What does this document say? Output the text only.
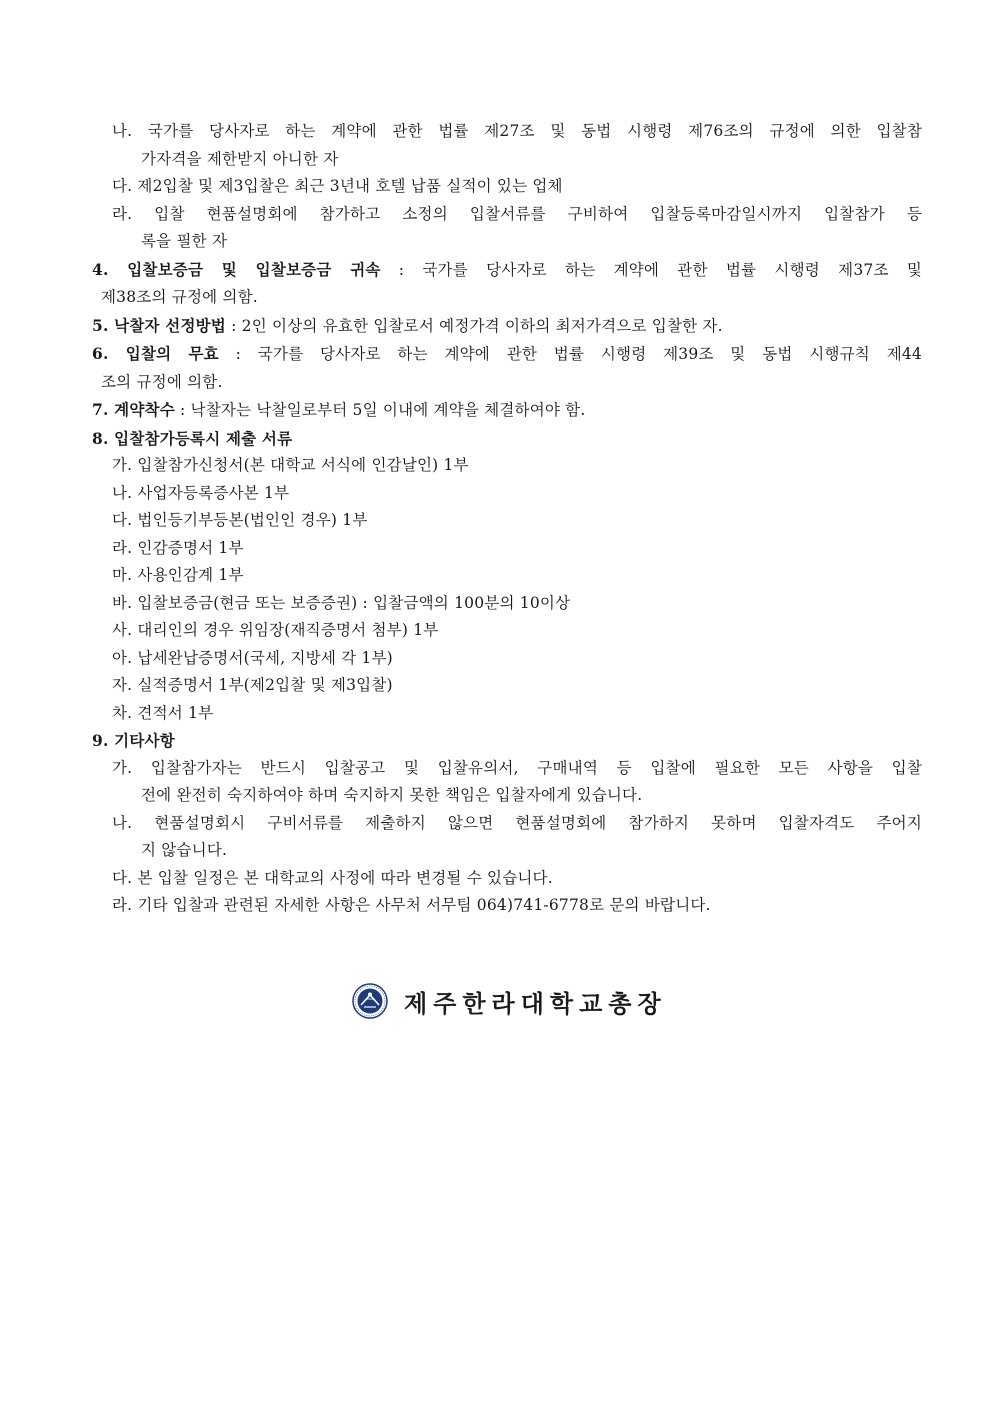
나. 국가를 당사자로 하는 계약에 관한 법률 제27조 및 동법 시행령 제76조의 규정에 의한 입찰참
가자격을 제한받지 아니한 자
다. 제2입찰 및 제3입찰은 최근 3년내 호텔 납품 실적이 있는 업체
라. 입찰 현품설명회에 참가하고 소정의 입찰서류를 구비하여 입찰등록마감일시까지 입찰참가 등
록을 필한 자
4. 입찰보증금 및 입찰보증금 귀속 : 국가를 당사자로 하는 계약에 관한 법률 시행령 제37조 및
제38조의 규정에 의함.
5. 낙찰자 선정방법 : 2인 이상의 유효한 입찰로서 예정가격 이하의 최저가격으로 입찰한 자.
6. 입찰의 무효 : 국가를 당사자로 하는 계약에 관한 법률 시행령 제39조 및 동법 시행규칙 제44
조의 규정에 의함.
7. 계약착수 : 낙찰자는 낙찰일로부터 5일 이내에 계약을 체결하여야 함.
8. 입찰참가등록시 제출 서류
가. 입찰참가신청서(본 대학교 서식에 인감날인) 1부
나. 사업자등록증사본 1부
다. 법인등기부등본(법인인 경우) 1부
라. 인감증명서 1부
마. 사용인감계 1부
바. 입찰보증금(현금 또는 보증증권) : 입찰금액의 100분의 10이상
사. 대리인의 경우 위임장(재직증명서 첨부) 1부
아. 납세완납증명서(국세, 지방세 각 1부)
자. 실적증명서 1부(제2입찰 및 제3입찰)
차. 견적서 1부
9. 기타사항
가. 입찰참가자는 반드시 입찰공고 및 입찰유의서, 구매내역 등 입찰에 필요한 모든 사항을 입찰
전에 완전히 숙지하여야 하며 숙지하지 못한 책임은 입찰자에게 있습니다.
나. 현품설명회시 구비서류를 제출하지 않으면 현품설명회에 참가하지 못하며 입찰자격도 주어지
지 않습니다.
다. 본 입찰 일정은 본 대학교의 사정에 따라 변경될 수 있습니다.
라. 기타 입찰과 관련된 자세한 사항은 사무처 서무팀 064)741-6778로 문의 바랍니다.
제주한라대학교총장
